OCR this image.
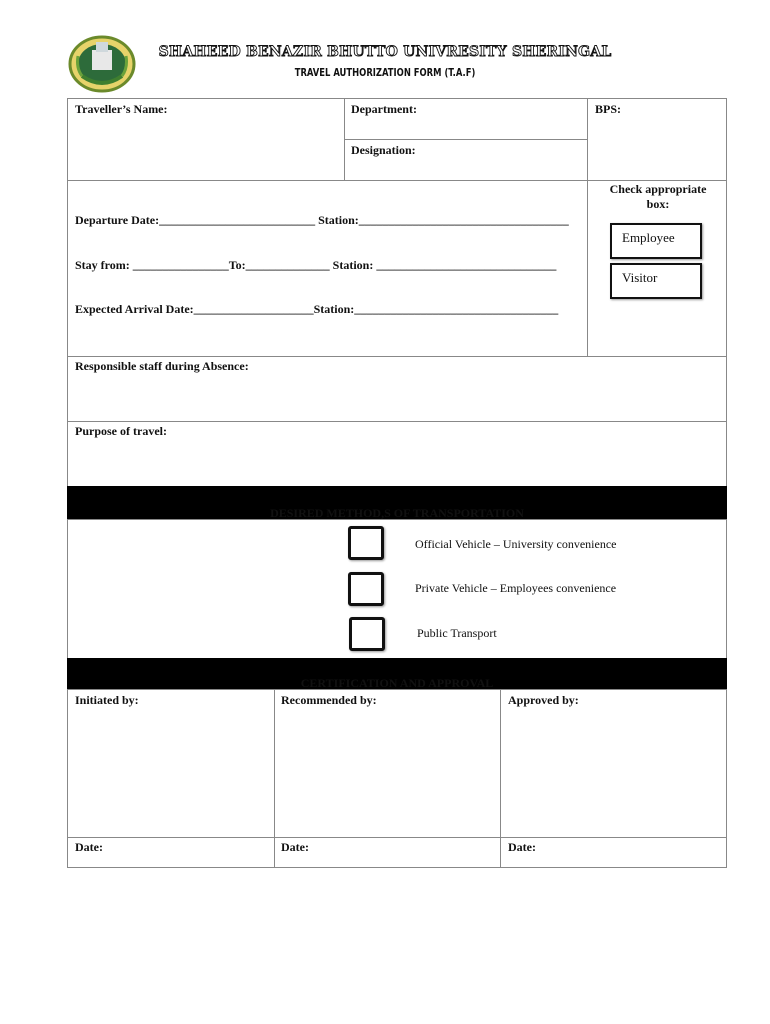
SHAHEED BENAZIR BHUTTO UNIVRESITY SHERINGAL
TRAVEL AUTHORIZATION FORM (T.A.F)
Traveller’s Name:	Department:
Designation:
BPS:
Departure Date:__________________________ Station:___________________________________
Stay from: ________________To:______________ Station: ______________________________
Expected Arrival Date:____________________Station:__________________________________
Check appropriate box:
Employee
Visitor
Responsible staff during Absence:
Purpose of travel:
DESIRED METHOD,S OF TRANSPORTATION
Official Vehicle – University convenience
Private Vehicle – Employees convenience
Public Transport
CERTIFICATION AND APPROVAL
Initiated by:	Recommended by:	Approved by:
Date:	Date:	Date:
